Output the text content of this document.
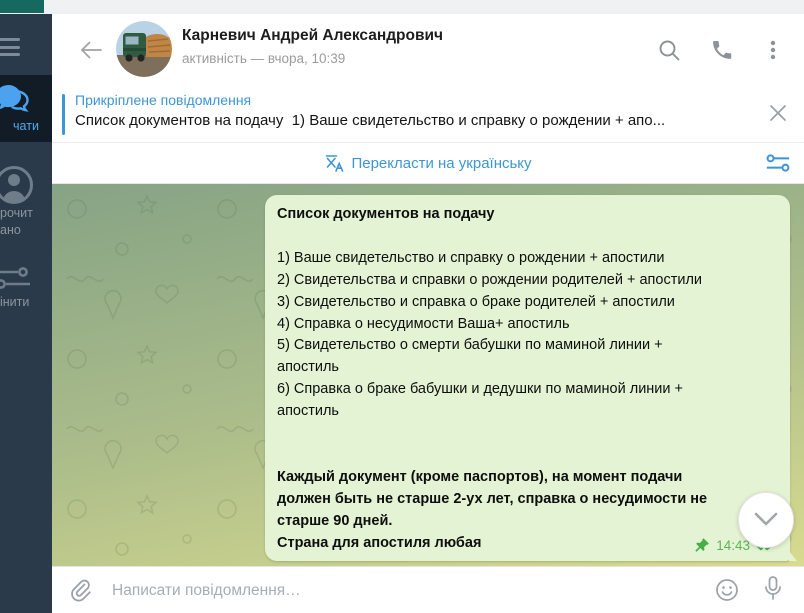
чати
рочит
ано
інити
Карневич Андрей Александрович
активність — вчора, 10:39
Прикріплене повідомлення
Список документов на подачу  1) Ваше свидетельство и справку о рождении + апо...
Перекласти на українську
Список документов на подачу
1) Ваше свидетельство и справку о рождении + апостили
2) Свидетельства и справки о рождении родителей + апостили
3) Свидетельство и справка о браке родителей + апостили
4) Справка о несудимости Ваша+ апостиль
5) Свидетельство о смерти бабушки по маминой линии +
апостиль
6) Справка о браке бабушки и дедушки по маминой линии +
апостиль
Каждый документ (кроме паспортов), на момент подачи
должен быть не старше 2-ух лет, справка о несудимости не
старше 90 дней.
Страна для апостиля любая	14:43
Написати повідомлення…
